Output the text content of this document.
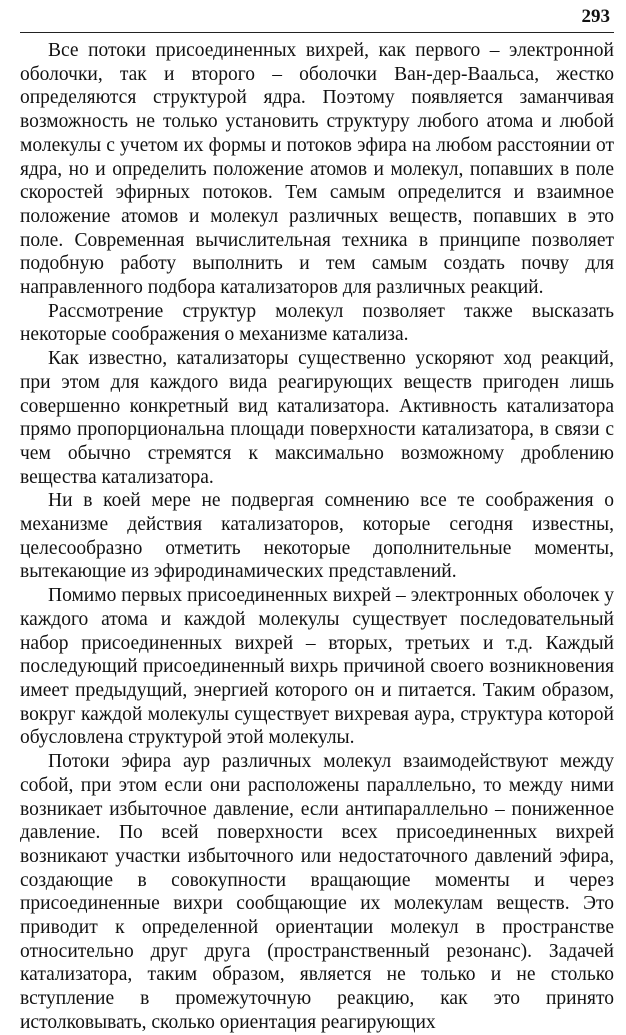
293

Все потоки присоединенных вихрей, как первого – электронной оболочки, так и второго – оболочки Ван-дер-Ваальса, жестко определяются структурой ядра. Поэтому появляется заманчивая возможность не только установить структуру любого атома и любой молекулы с учетом их формы и потоков эфира на любом расстоянии от ядра, но и определить положение атомов и молекул, попавших в поле скоростей эфирных потоков. Тем самым определится и взаимное положение атомов и молекул различных веществ, попавших в это поле. Современная вычислительная техника в принципе позволяет подобную работу выполнить и тем самым создать почву для направленного подбора катализаторов для различных реакций.

Рассмотрение структур молекул позволяет также высказать некоторые соображения о механизме катализа.

Как известно, катализаторы существенно ускоряют ход реакций, при этом для каждого вида реагирующих веществ пригоден лишь совершенно конкретный вид катализатора. Активность катализатора прямо пропорциональна площади поверхности катализатора, в связи с чем обычно стремятся к максимально возможному дроблению вещества катализатора.

Ни в коей мере не подвергая сомнению все те соображения о механизме действия катализаторов, которые сегодня известны, целесообразно отметить некоторые дополнительные моменты, вытекающие из эфиродинамических представлений.

Помимо первых присоединенных вихрей – электронных оболочек у каждого атома и каждой молекулы существует последовательный набор присоединенных вихрей – вторых, третьих и т.д. Каждый последующий присоединенный вихрь причиной своего возникновения имеет предыдущий, энергией которого он и питается. Таким образом, вокруг каждой молекулы существует вихревая аура, структура которой обусловлена структурой этой молекулы.

Потоки эфира аур различных молекул взаимодействуют между собой, при этом если они расположены параллельно, то между ними возникает избыточное давление, если антипараллельно – пониженное давление. По всей поверхности всех присоединенных вихрей возникают участки избыточного или недостаточного давлений эфира, создающие в совокупности вращающие моменты и через присоединенные вихри сообщающие их молекулам веществ. Это приводит к определенной ориентации молекул в пространстве относительно друг друга (пространственный резонанс). Задачей катализатора, таким образом, является не только и не столько вступление в промежуточную реакцию, как это принято истолковывать, сколько ориентация реагирующих
